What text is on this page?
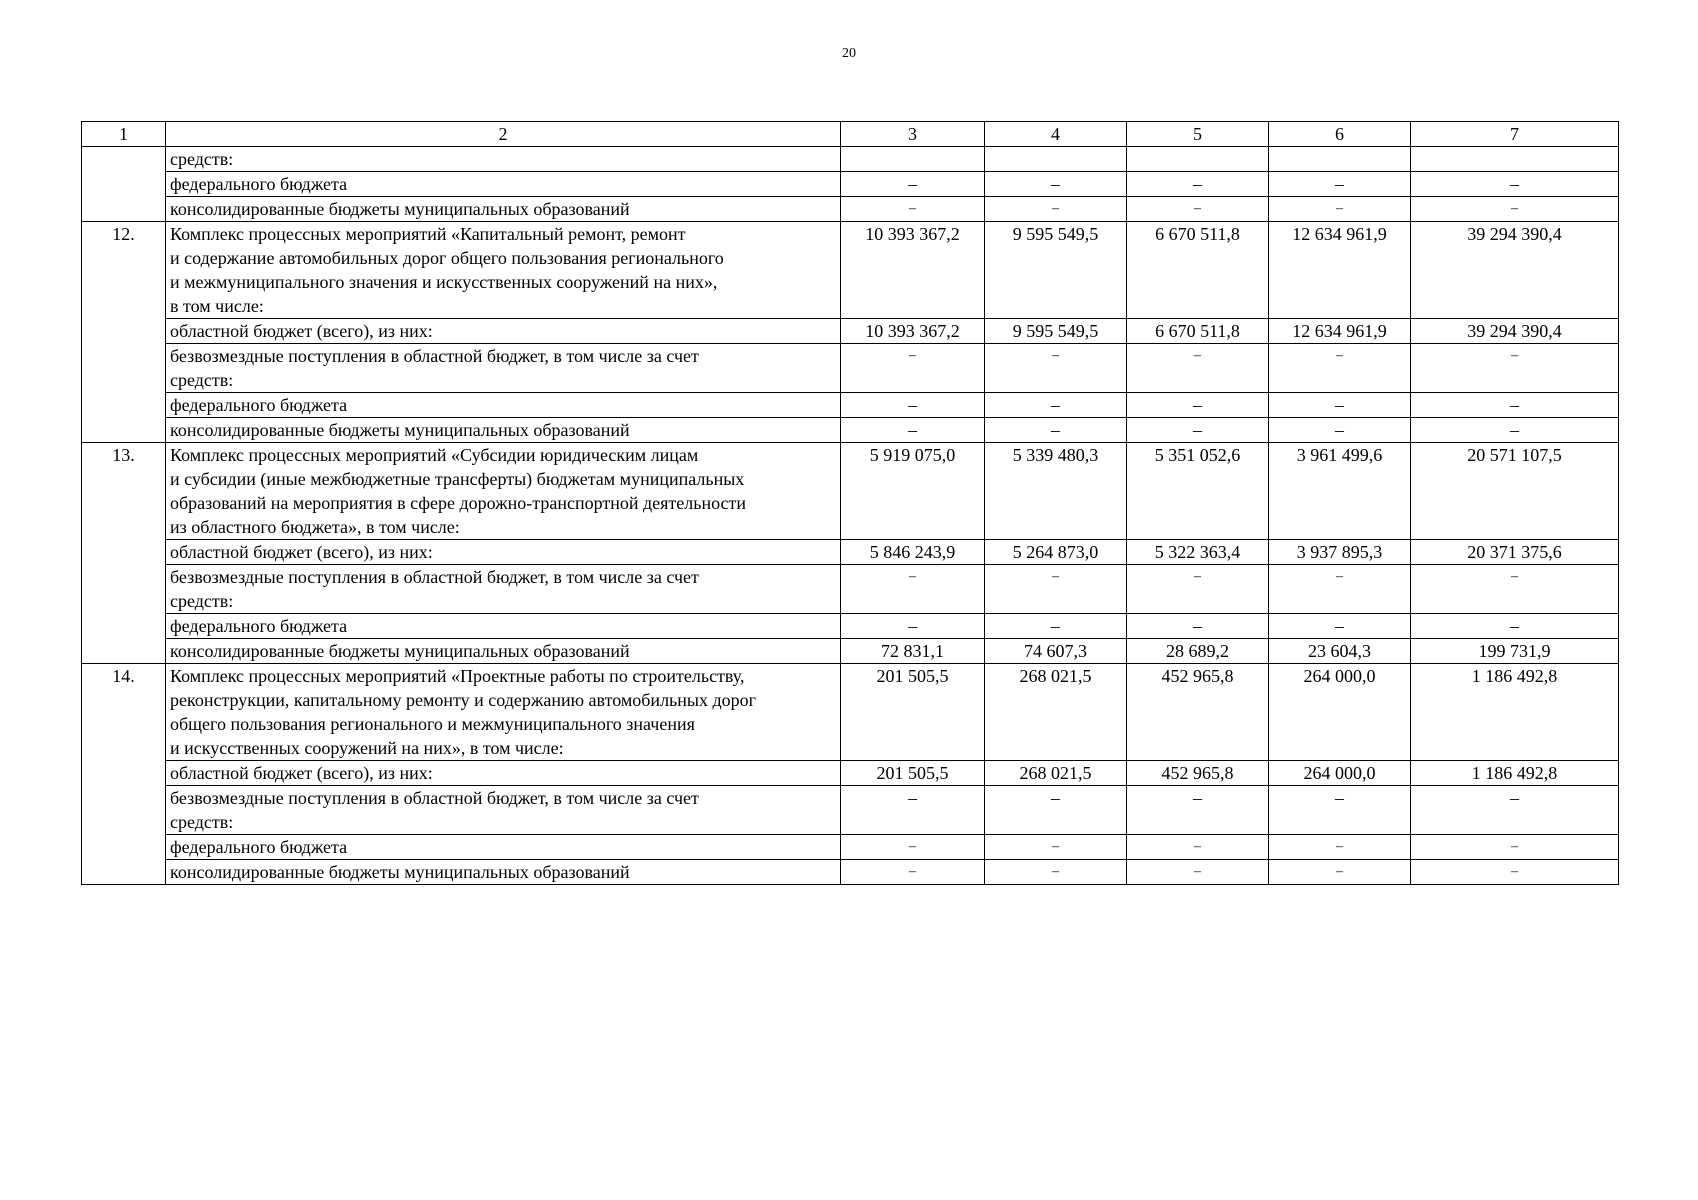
20
1	2	3	4	5	6	7

	средств:					

	федерального бюджета	–	–	–	–	–

	консолидированные бюджеты муниципальных образований	–	–	–	–	–
12.	Комплекс процессных мероприятий «Капитальный ремонт, ремонт
и содержание автомобильных дорог общего пользования регионального
и межмуниципального значения и искусственных сооружений на них»,
в том числе:	10 393 367,2	9 595 549,5	6 670 511,8	12 634 961,9	39 294 390,4

	областной бюджет (всего), из них:	10 393 367,2	9 595 549,5	6 670 511,8	12 634 961,9	39 294 390,4

	безвозмездные поступления в областной бюджет, в том числе за счет
средств:	–	–	–	–	–

	федерального бюджета	–	–	–	–	–

	консолидированные бюджеты муниципальных образований	–	–	–	–	–
13.	Комплекс процессных мероприятий «Субсидии юридическим лицам
и субсидии (иные межбюджетные трансферты) бюджетам муниципальных
образований на мероприятия в сфере дорожно-транспортной деятельности
из областного бюджета», в том числе:	5 919 075,0	5 339 480,3	5 351 052,6	3 961 499,6	20 571 107,5

	областной бюджет (всего), из них:	5 846 243,9	5 264 873,0	5 322 363,4	3 937 895,3	20 371 375,6

	безвозмездные поступления в областной бюджет, в том числе за счет
средств:	–	–	–	–	–

	федерального бюджета	–	–	–	–	–

	консолидированные бюджеты муниципальных образований	72 831,1	74 607,3	28 689,2	23 604,3	199 731,9
14.	Комплекс процессных мероприятий «Проектные работы по строительству,
реконструкции, капитальному ремонту и содержанию автомобильных дорог
общего пользования регионального и межмуниципального значения
и искусственных сооружений на них», в том числе:	201 505,5	268 021,5	452 965,8	264 000,0	1 186 492,8

	областной бюджет (всего), из них:	201 505,5	268 021,5	452 965,8	264 000,0	1 186 492,8

	безвозмездные поступления в областной бюджет, в том числе за счет
средств:	–	–	–	–	–

	федерального бюджета	–	–	–	–	–

	консолидированные бюджеты муниципальных образований	–	–	–	–	–
